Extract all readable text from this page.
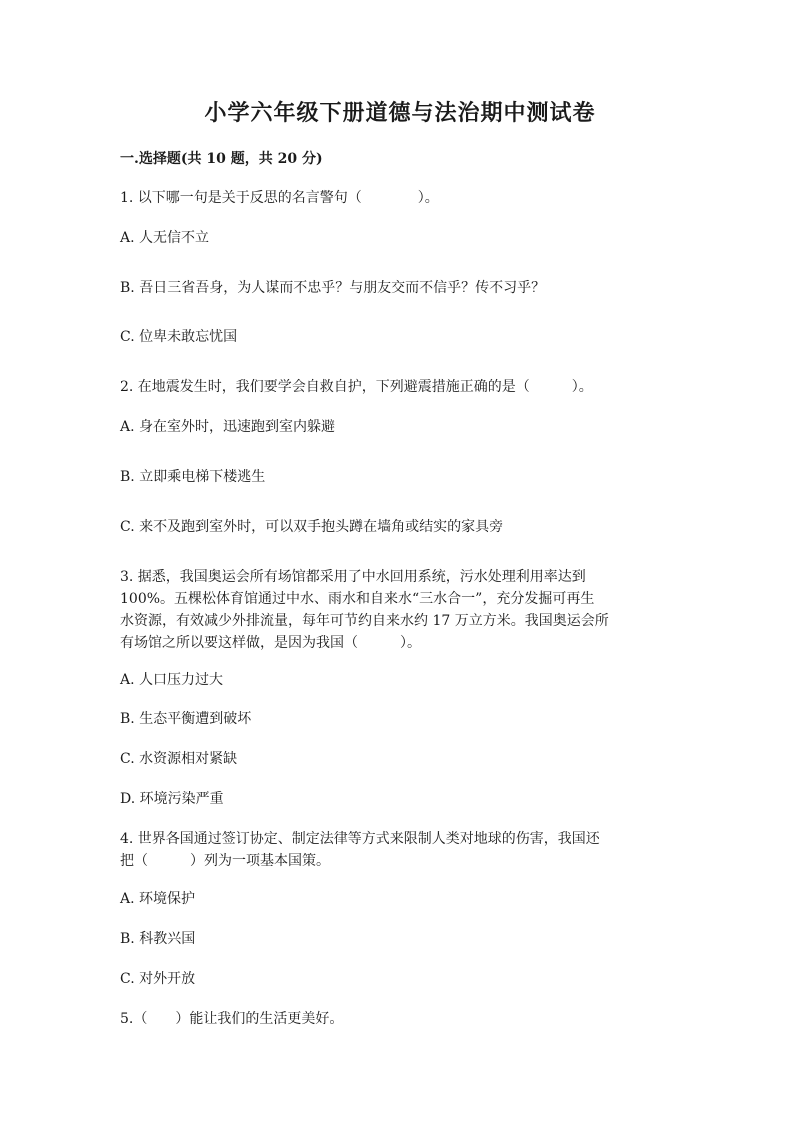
小学六年级下册道德与法治期中测试卷
一.选择题(共 10 题，共 20 分)

1. 以下哪一句是关于反思的名言警句（　　　　）。

A. 人无信不立

B. 吾日三省吾身，为人谋而不忠乎？与朋友交而不信乎？传不习乎？

C. 位卑未敢忘忧国

2. 在地震发生时，我们要学会自救自护，下列避震措施正确的是（　　　）。

A. 身在室外时，迅速跑到室内躲避

B. 立即乘电梯下楼逃生

C. 来不及跑到室外时，可以双手抱头蹲在墙角或结实的家具旁

3. 据悉，我国奥运会所有场馆都采用了中水回用系统，污水处理利用率达到

100%。五棵松体育馆通过中水、雨水和自来水“三水合一”，充分发掘可再生

水资源，有效减少外排流量，每年可节约自来水约 17 万立方米。我国奥运会所

有场馆之所以要这样做，是因为我国（　　　）。

A. 人口压力过大

B. 生态平衡遭到破坏

C. 水资源相对紧缺

D. 环境污染严重

4. 世界各国通过签订协定、制定法律等方式来限制人类对地球的伤害，我国还

把（　　　）列为一项基本国策。

A. 环境保护

B. 科教兴国

C. 对外开放

5.（　　）能让我们的生活更美好。
